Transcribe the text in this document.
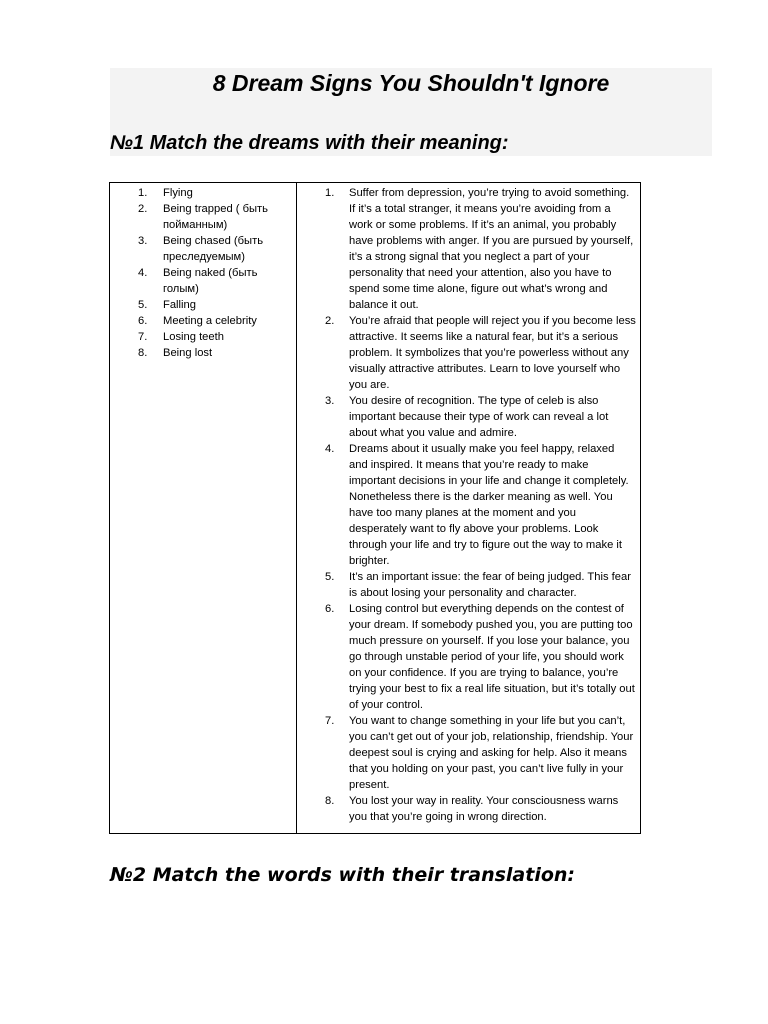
8 Dream Signs You Shouldn't Ignore
№1 Match the dreams with their meaning:
1. Flying
2. Being trapped ( быть пойманным)
3. Being chased (быть преследуемым)
4. Being naked (быть голым)
5. Falling
6. Meeting a celebrity
7. Losing teeth
8. Being lost
1. Suffer from depression, you’re trying to avoid something. If it’s a total stranger, it means you’re avoiding from a work or some problems. If it’s an animal, you probably have problems with anger. If you are pursued by yourself, it’s a strong signal that you neglect a part of your personality that need your attention, also you have to spend some time alone, figure out what’s wrong and balance it out.
2. You’re afraid that people will reject you if you become less attractive. It seems like a natural fear, but it’s a serious problem. It symbolizes that you’re powerless without any visually attractive attributes. Learn to love yourself who you are.
3. You desire of recognition. The type of celeb is also important because their type of work can reveal a lot about what you value and admire.
4. Dreams about it usually make you feel happy, relaxed and inspired. It means that you’re ready to make important decisions in your life and change it completely. Nonetheless there is the darker meaning as well. You have too many planes at the moment and you desperately want to fly above your problems. Look through your life and try to figure out the way to make it brighter.
5. It’s an important issue: the fear of being judged. This fear is about losing your personality and character.
6. Losing control but everything depends on the contest of your dream. If somebody pushed you, you are putting too much pressure on yourself. If you lose your balance, you go through unstable period of your life, you should work on your confidence. If you are trying to balance, you’re trying your best to fix a real life situation, but it’s totally out of your control.
7. You want to change something in your life but you can’t, you can’t get out of your job, relationship, friendship. Your deepest soul is crying and asking for help. Also it means that you holding on your past, you can’t live fully in your present.
8. You lost your way in reality. Your consciousness warns you that you’re going in wrong direction.
№2 Match the words with their translation:
